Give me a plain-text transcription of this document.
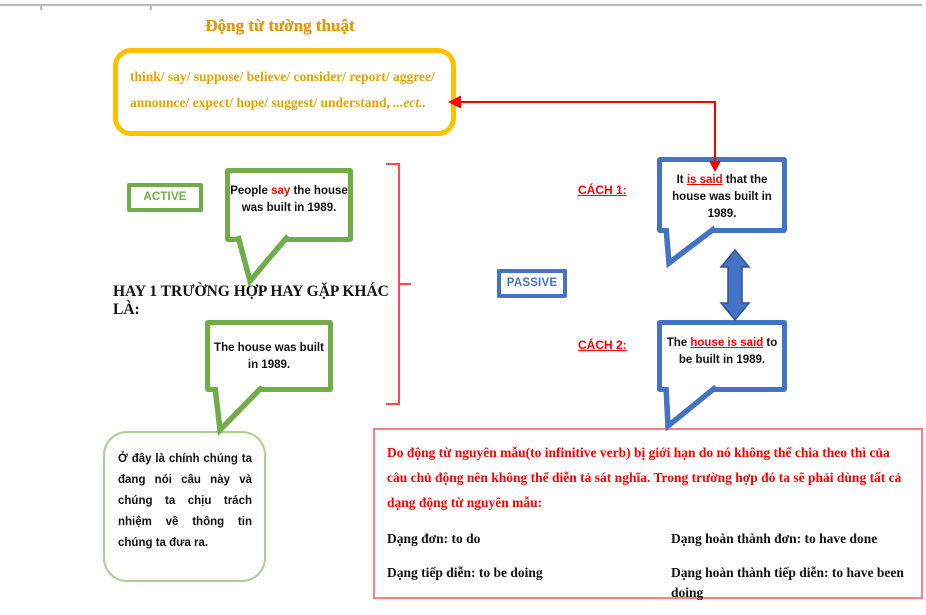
Động từ tường thuật
think/ say/ suppose/ believe/ consider/ report/ aggree/
announce/ expect/ hope/ suggest/ understand, ...ect..
ACTIVE
PASSIVE
People say the house was built in 1989.
HAY 1 TRƯỜNG HỢP HAY GẶP KHÁC LÀ:
The house was built in 1989.
CÁCH 1:
CÁCH 2:
It is said that the house was built in 1989.
The house is said to be built in 1989.
Ở đây là chính chúng ta đang nói câu này và chúng ta chịu trách nhiệm về thông tin chúng ta đưa ra.

Do động từ nguyên mẫu(to infinitive verb) bị giới hạn do nó không thể chia theo thì của câu chủ động nên không thể diễn tả sát nghĩa. Trong trường hợp đó ta sẽ phải dùng tất cả dạng động từ nguyên mẫu:

Dạng đơn: to do	Dạng hoàn thành đơn: to have done
Dạng tiếp diễn: to be doing	Dạng hoàn thành tiếp diễn: to have been doing
